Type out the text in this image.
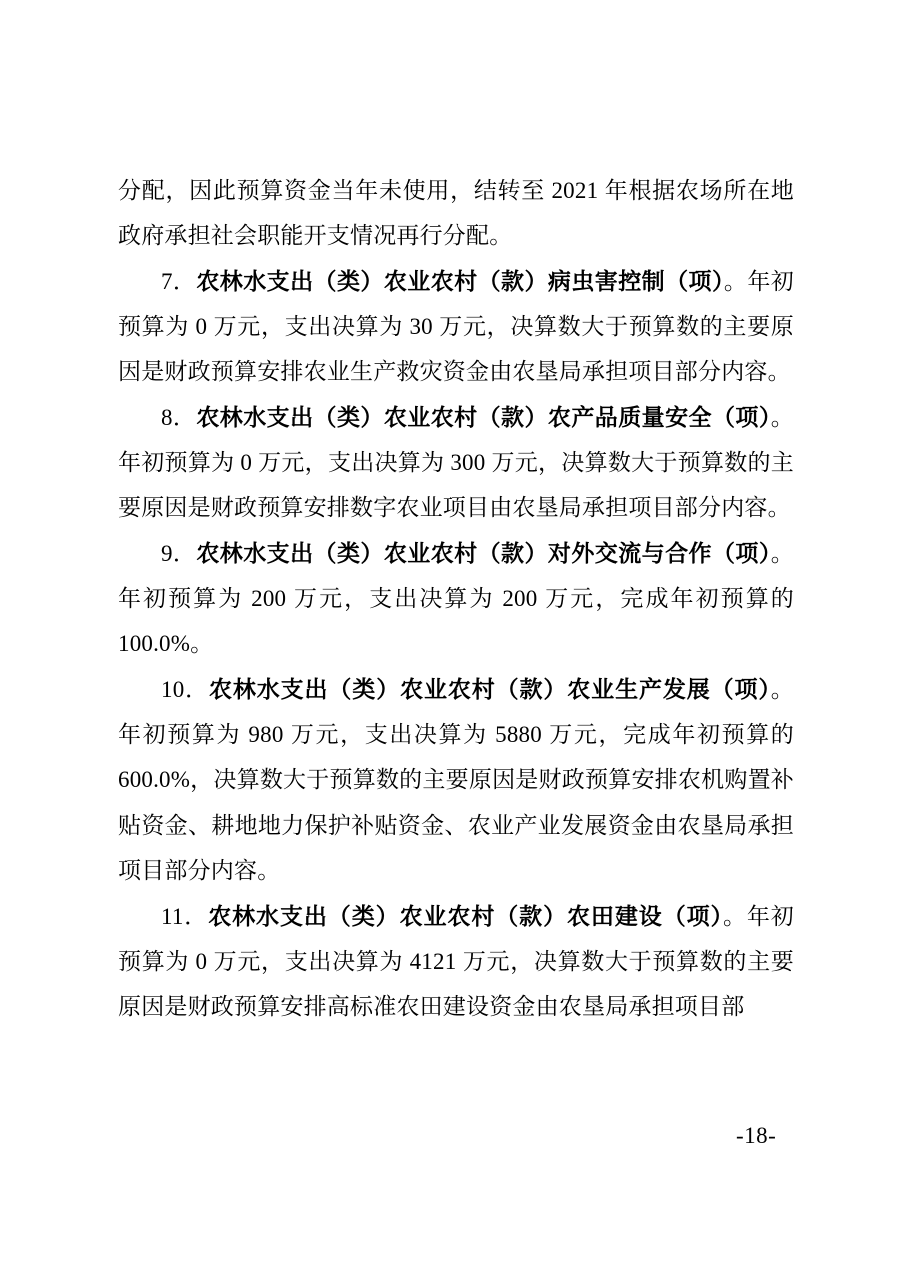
分配，因此预算资金当年未使用，结转至 2021 年根据农场所在地政府承担社会职能开支情况再行分配。

7．农林水支出（类）农业农村（款）病虫害控制（项）。年初预算为 0 万元，支出决算为 30 万元，决算数大于预算数的主要原因是财政预算安排农业生产救灾资金由农垦局承担项目部分内容。

8．农林水支出（类）农业农村（款）农产品质量安全（项）。年初预算为 0 万元，支出决算为 300 万元，决算数大于预算数的主要原因是财政预算安排数字农业项目由农垦局承担项目部分内容。

9．农林水支出（类）农业农村（款）对外交流与合作（项）。年初预算为 200 万元，支出决算为 200 万元，完成年初预算的 100.0%。

10．农林水支出（类）农业农村（款）农业生产发展（项）。年初预算为 980 万元，支出决算为 5880 万元，完成年初预算的 600.0%，决算数大于预算数的主要原因是财政预算安排农机购置补贴资金、耕地地力保护补贴资金、农业产业发展资金由农垦局承担项目部分内容。

11．农林水支出（类）农业农村（款）农田建设（项）。年初预算为 0 万元，支出决算为 4121 万元，决算数大于预算数的主要原因是财政预算安排高标准农田建设资金由农垦局承担项目部

-18-
